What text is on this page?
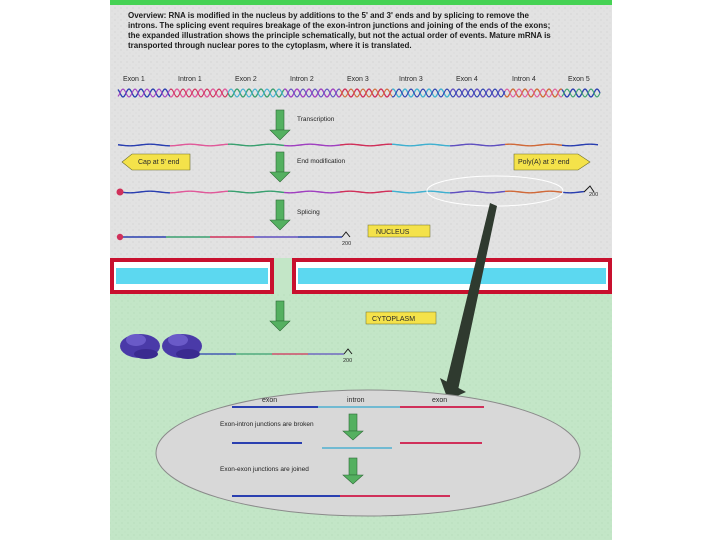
Overview: RNA is modified in the nucleus by additions to the 5' and 3' ends and by splicing to remove the
introns. The splicing event requires breakage of the exon-intron junctions and joining of the ends of the exons;
the expanded illustration shows the principle schematically, but not the actual order of events. Mature mRNA is
transported through nuclear pores to the cytoplasm, where it is translated.
Exon 1	Intron 1	Exon 2	Intron 2	Exon 3	Intron 3	Exon 4	Intron 4	Exon 5
Transcription
End modification
Cap at 5' end	Poly(A) at 3' end
200
Splicing
200
NUCLEUS
CYTOPLASM
200
exon	intron	exon
Exon-intron junctions are broken
Exon-exon junctions are joined
